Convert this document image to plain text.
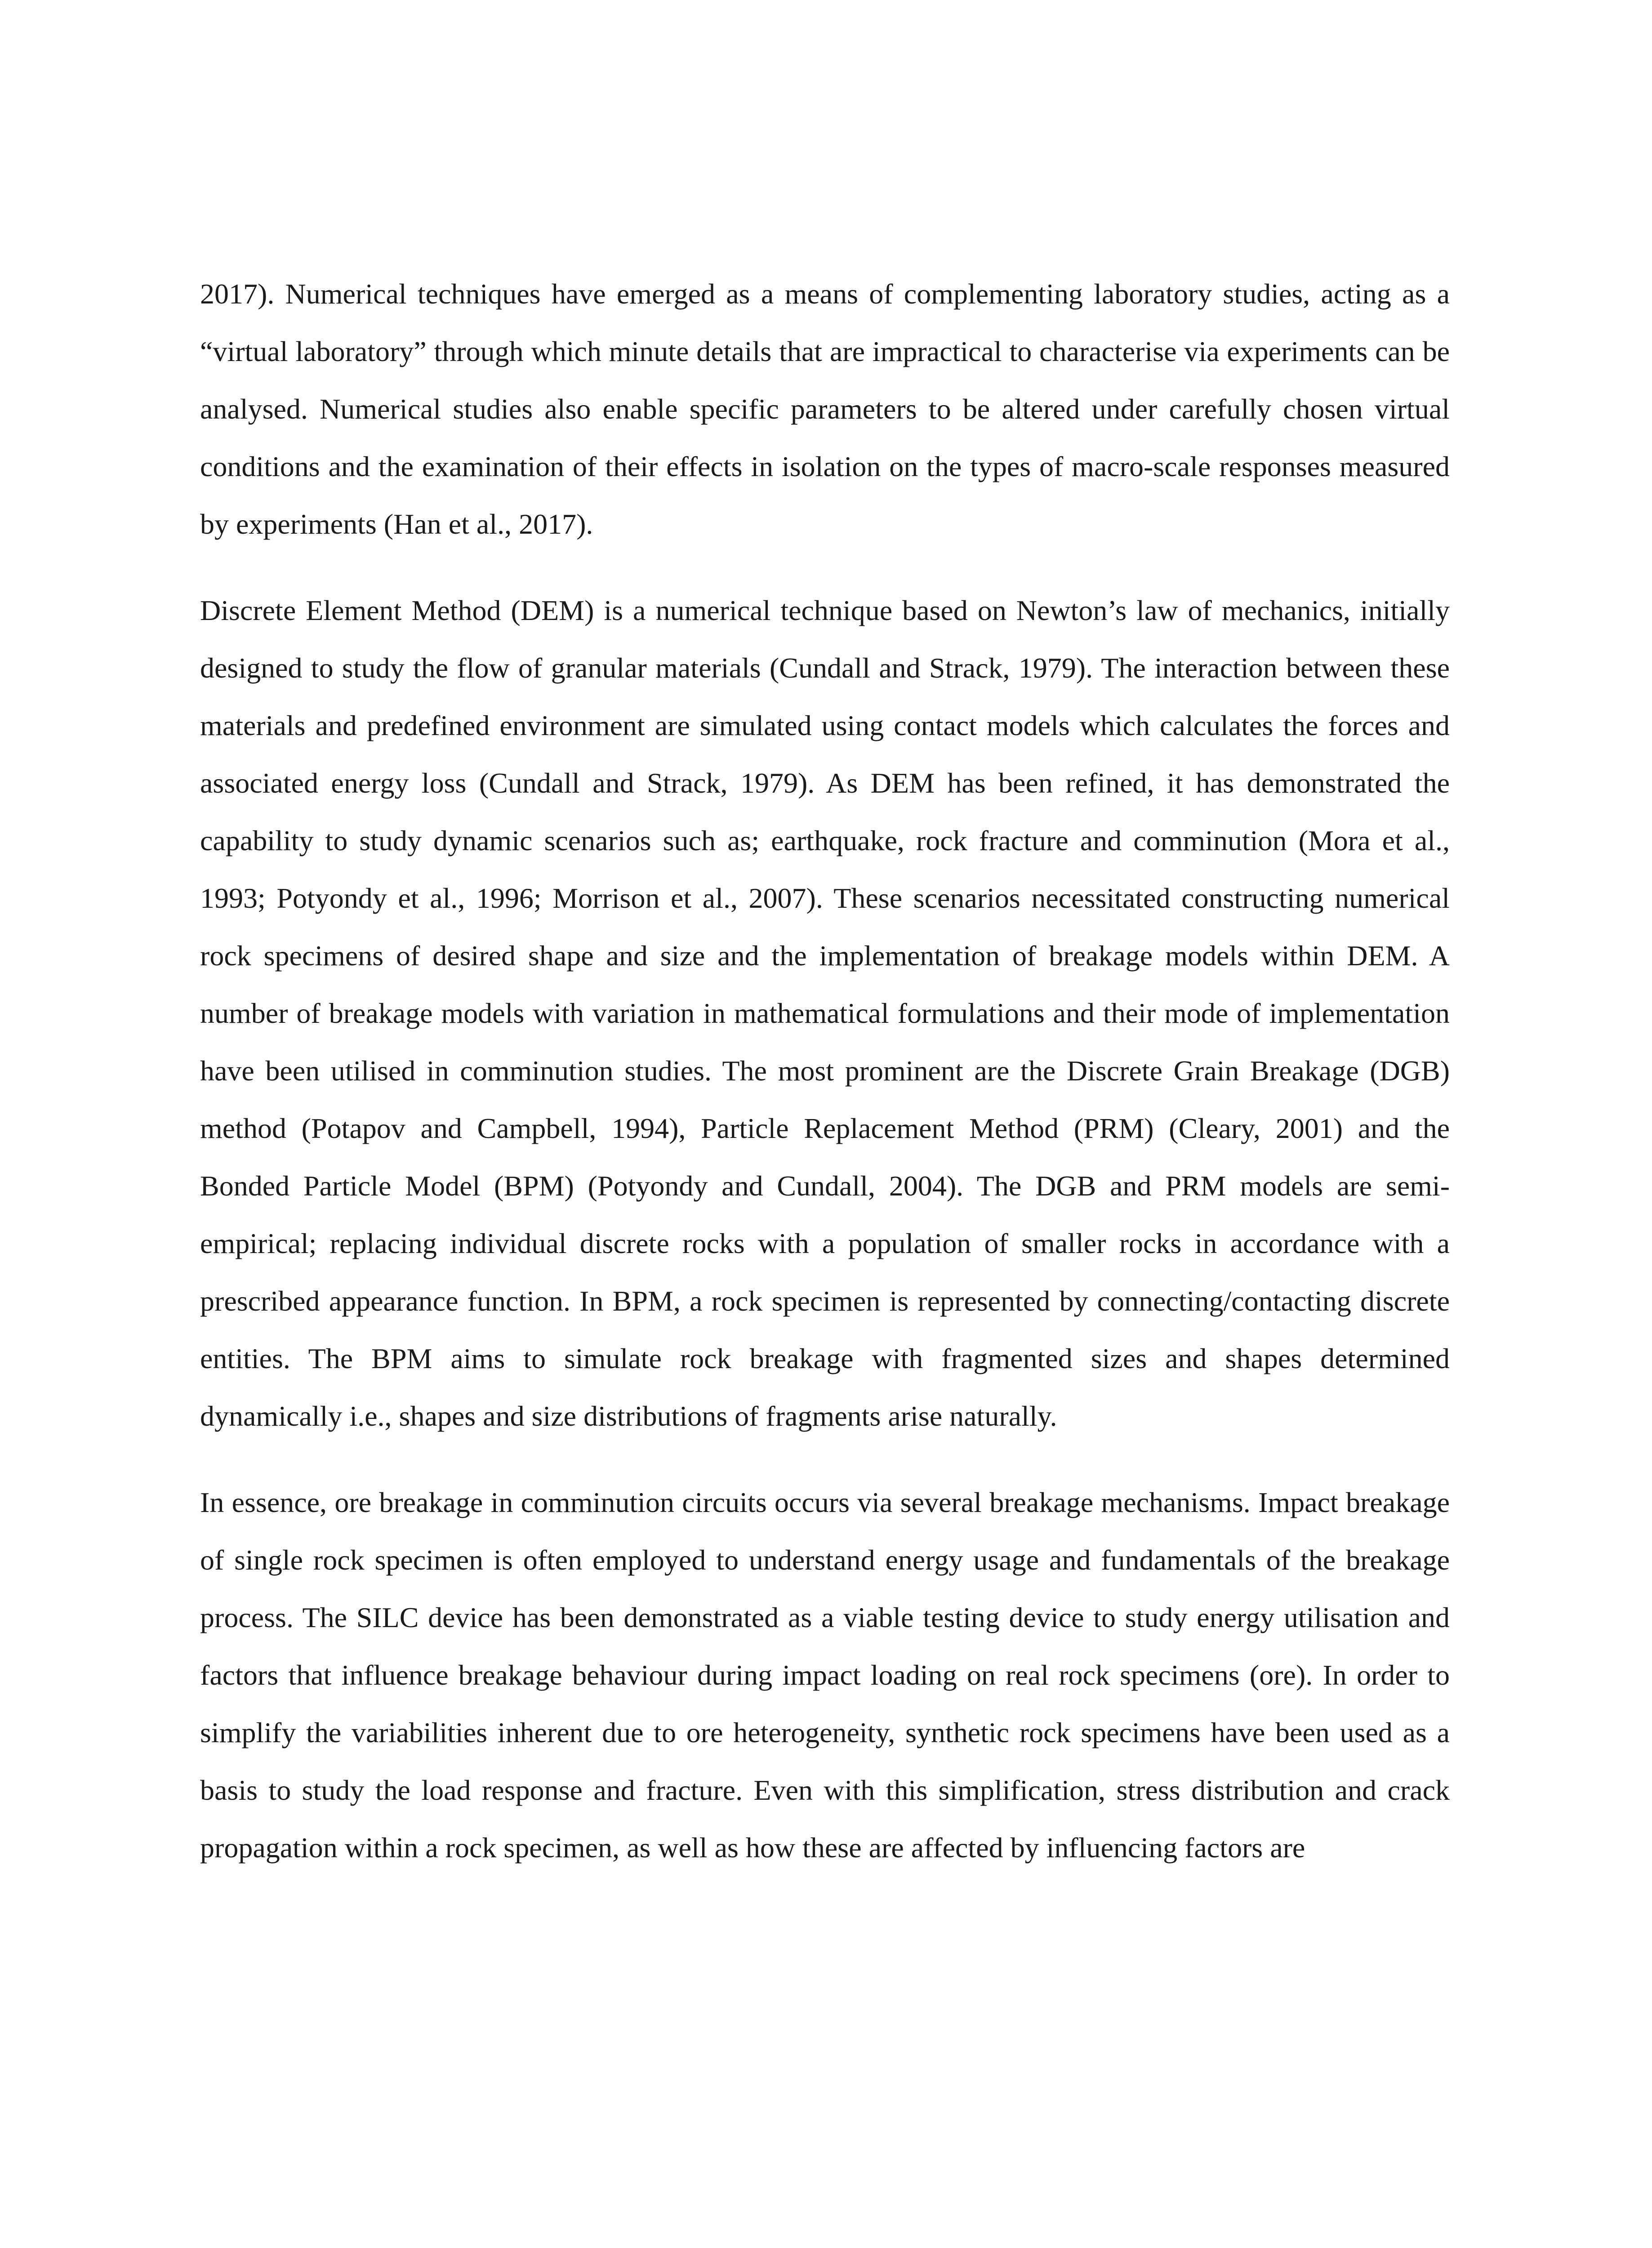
2017). Numerical techniques have emerged as a means of complementing laboratory studies, acting as a “virtual laboratory” through which minute details that are impractical to characterise via experiments can be analysed. Numerical studies also enable specific parameters to be altered under carefully chosen virtual conditions and the examination of their effects in isolation on the types of macro-scale responses measured by experiments (Han et al., 2017).

Discrete Element Method (DEM) is a numerical technique based on Newton’s law of mechanics, initially designed to study the flow of granular materials (Cundall and Strack, 1979). The interaction between these materials and predefined environment are simulated using contact models which calculates the forces and associated energy loss (Cundall and Strack, 1979). As DEM has been refined, it has demonstrated the capability to study dynamic scenarios such as; earthquake, rock fracture and comminution (Mora et al., 1993; Potyondy et al., 1996; Morrison et al., 2007). These scenarios necessitated constructing numerical rock specimens of desired shape and size and the implementation of breakage models within DEM. A number of breakage models with variation in mathematical formulations and their mode of implementation have been utilised in comminution studies. The most prominent are the Discrete Grain Breakage (DGB) method (Potapov and Campbell, 1994), Particle Replacement Method (PRM) (Cleary, 2001) and the Bonded Particle Model (BPM) (Potyondy and Cundall, 2004). The DGB and PRM models are semi-empirical; replacing individual discrete rocks with a population of smaller rocks in accordance with a prescribed appearance function. In BPM, a rock specimen is represented by connecting/contacting discrete entities. The BPM aims to simulate rock breakage with fragmented sizes and shapes determined dynamically i.e., shapes and size distributions of fragments arise naturally.

In essence, ore breakage in comminution circuits occurs via several breakage mechanisms. Impact breakage of single rock specimen is often employed to understand energy usage and fundamentals of the breakage process. The SILC device has been demonstrated as a viable testing device to study energy utilisation and factors that influence breakage behaviour during impact loading on real rock specimens (ore). In order to simplify the variabilities inherent due to ore heterogeneity, synthetic rock specimens have been used as a basis to study the load response and fracture. Even with this simplification, stress distribution and crack propagation within a rock specimen, as well as how these are affected by influencing factors are
